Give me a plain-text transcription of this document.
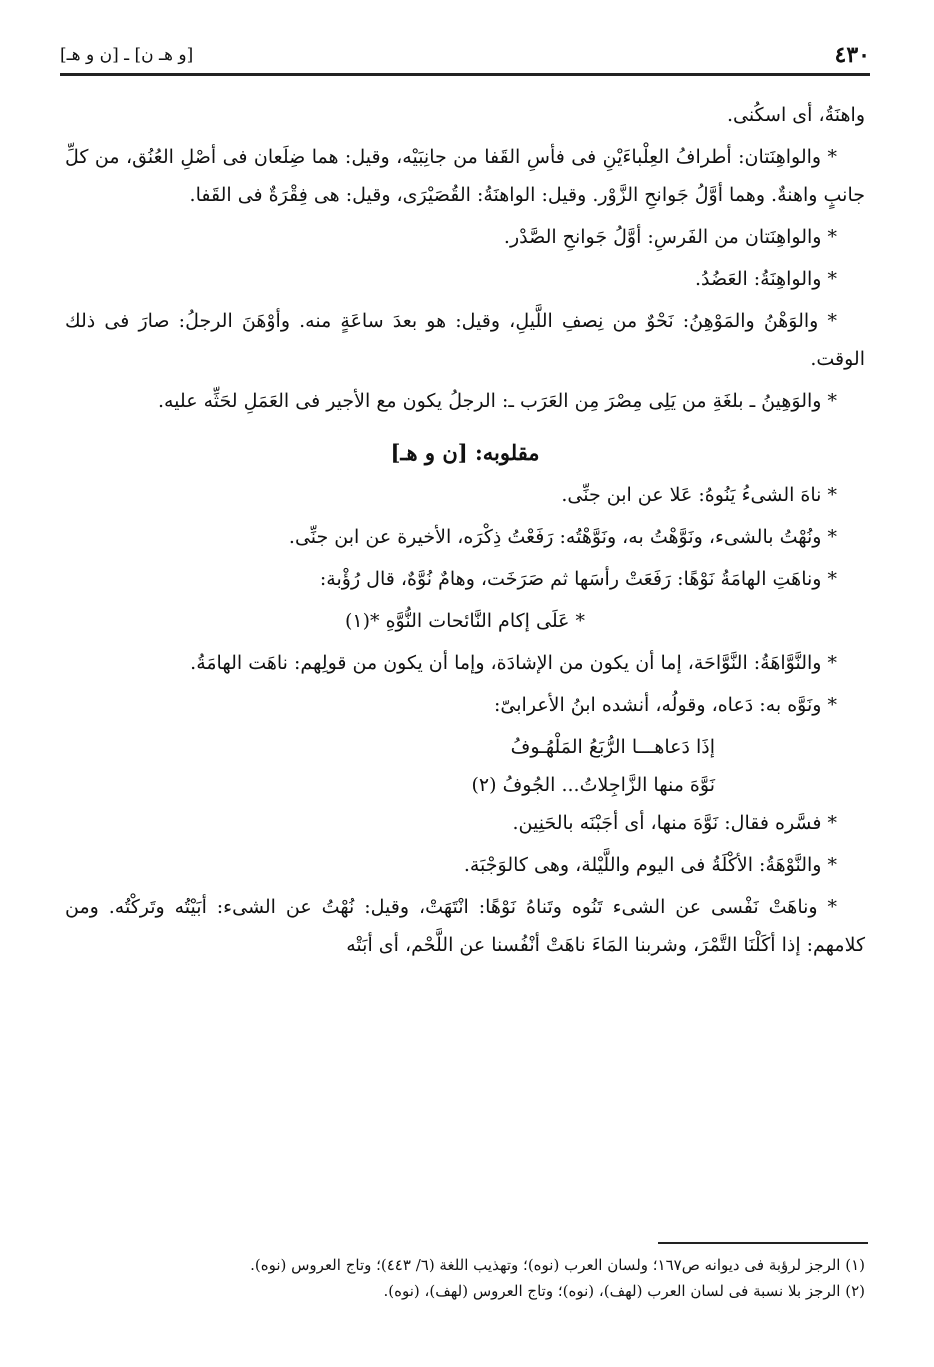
[و هـ ن] ـ [ن و هـ]	٤٣٠

واهنَةُ، أى اسكُنى.

* والواهِنَتان: أطرافُ العِلْباءَيْنِ فى فأسِ القَفا من جانِبَيْه، وقيل: هما ضِلَعان فى أصْلِ العُنُق، من كلِّ جانبٍ واهنةٌ. وهما أوَّلُ جَوانحِ الزَّوْر. وقيل: الواهنَةُ: القُصَيْرَى، وقيل: هى فِقْرَةٌ فى القَفا.

* والواهِنَتان من الفَرسِ: أوَّلُ جَوانحِ الصَّدْر.

* والواهِنَةُ: العَضُدُ.

* والوَهْنُ والمَوْهِنُ: نَحْوٌ من نِصفِ اللَّيلِ، وقيل: هو بعدَ ساعَةٍ منه. وأوْهَنَ الرجلُ: صارَ فى ذلك الوقت.

* والوَهِينُ ـ بلغَةِ من يَلِى مِصْرَ مِن العَرَب ـ: الرجلُ يكون مع الأجير فى العَمَلِ لحَثِّه عليه.

مقلوبه: [ن و هـ]

* ناهَ الشىءُ يَنُوهُ: عَلا عن ابن جنِّى.

* ونُهْتُ بالشىء، ونَوَّهْتُ به، ونَوَّهْتُه: رَفَعْتُ ذِكْرَه، الأخيرة عن ابن جنِّى.

* وناهَتِ الهامَةُ نَوْهًا: رَفَعَتْ رأسَها ثم صَرَخَت، وهامٌ نُوَّهٌ، قال رُؤْبة:

* عَلَى إكام النَّائحات النُّوَّهِ *(١)

* والنَّوَّاهَةُ: النَّوَّاحَة، إما أن يكون من الإشادَة، وإما أن يكون من قولِهم: ناهَت الهامَةُ.

* ونَوَّه به: دَعاه، وقولُه، أنشده ابنُ الأعرابىّ:

إذَا دَعاهـــا الرُّبَعُ المَلْهُـوفُ

نَوَّهَ منها الزَّاجِلاتُ... الجُوفُ (٢)

* فسَّره فقال: نَوَّهَ منها، أى أجَبْنَه بالحَنِين.

* والنَّوْهَةُ: الأكْلَةُ فى اليوم واللَّيْلة، وهى كالوَجْبَة.

* وناهَتْ نَفْسى عن الشىء تَنُوه وتَناهُ نَوْهًا: انْتَهَتْ، وقيل: نُهْتُ عن الشىء: أبَيْتُه وتَركْتُه. ومن كلامهم: إذا أكَلْنَا التَّمْرَ، وشربنا المَاءَ ناهَتْ أنْفُسنا عن اللَّحْم، أى أبَتْه

(١) الرجز لرؤبة فى ديوانه ص١٦٧؛ ولسان العرب (نوه)؛ وتهذيب اللغة (٦/ ٤٤٣)؛ وتاج العروس (نوه).

(٢) الرجز بلا نسبة فى لسان العرب (لهف)، (نوه)؛ وتاج العروس (لهف)، (نوه).
